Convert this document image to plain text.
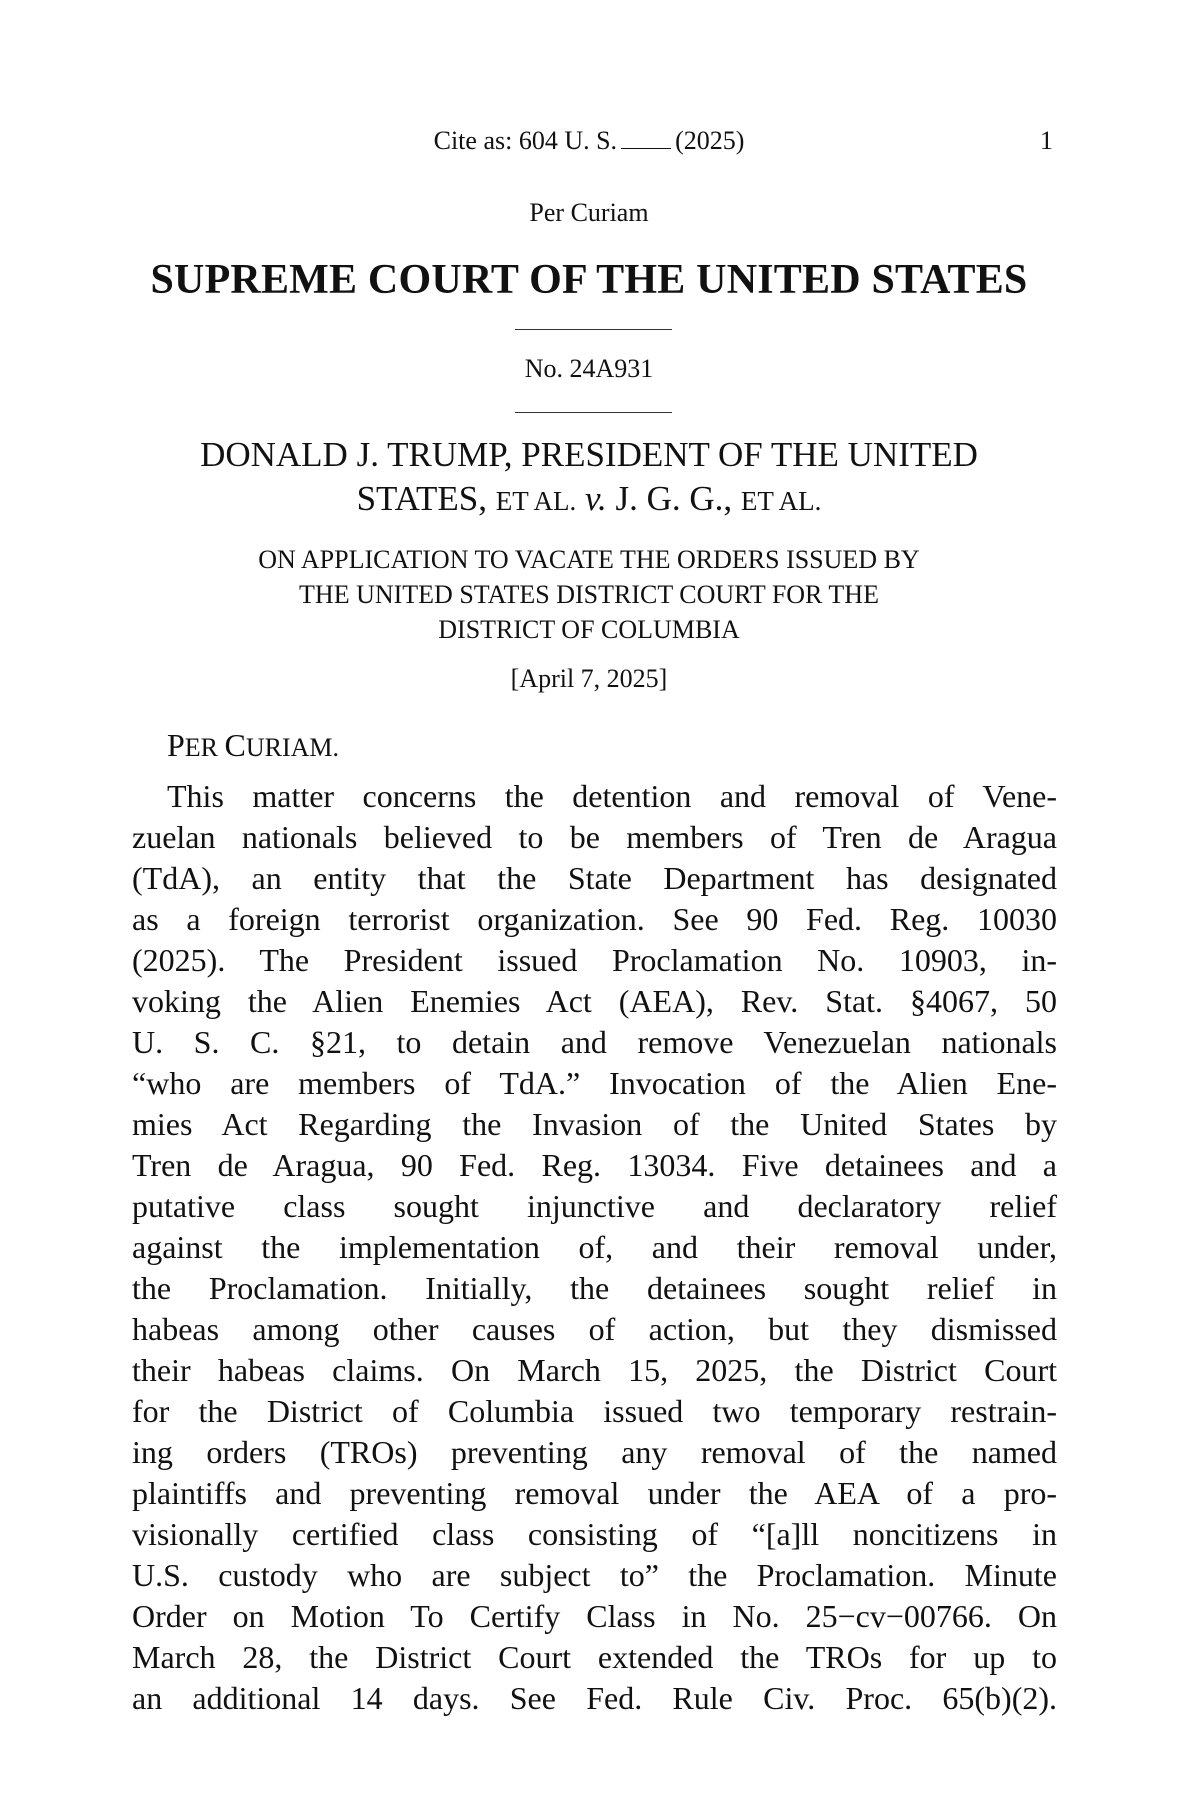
Cite as: 604 U. S. (2025)	1
Per Curiam
SUPREME COURT OF THE UNITED STATES
No. 24A931
DONALD J. TRUMP, PRESIDENT OF THE UNITED
STATES, ET AL. v. J. G. G., ET AL.
ON APPLICATION TO VACATE THE ORDERS ISSUED BY
THE UNITED STATES DISTRICT COURT FOR THE
DISTRICT OF COLUMBIA
[April 7, 2025]
PER CURIAM.
This matter concerns the detention and removal of Vene-
zuelan nationals believed to be members of Tren de Aragua
(TdA), an entity that the State Department has designated
as a foreign terrorist organization. See 90 Fed. Reg. 10030
(2025). The President issued Proclamation No. 10903, in-
voking the Alien Enemies Act (AEA), Rev. Stat. §4067, 50
U. S. C. §21, to detain and remove Venezuelan nationals
“who are members of TdA.” Invocation of the Alien Ene-
mies Act Regarding the Invasion of the United States by
Tren de Aragua, 90 Fed. Reg. 13034. Five detainees and a
putative class sought injunctive and declaratory relief
against the implementation of, and their removal under,
the Proclamation. Initially, the detainees sought relief in
habeas among other causes of action, but they dismissed
their habeas claims. On March 15, 2025, the District Court
for the District of Columbia issued two temporary restrain-
ing orders (TROs) preventing any removal of the named
plaintiffs and preventing removal under the AEA of a pro-
visionally certified class consisting of “[a]ll noncitizens in
U.S. custody who are subject to” the Proclamation. Minute
Order on Motion To Certify Class in No. 25−cv−00766. On
March 28, the District Court extended the TROs for up to
an additional 14 days. See Fed. Rule Civ. Proc. 65(b)(2).
